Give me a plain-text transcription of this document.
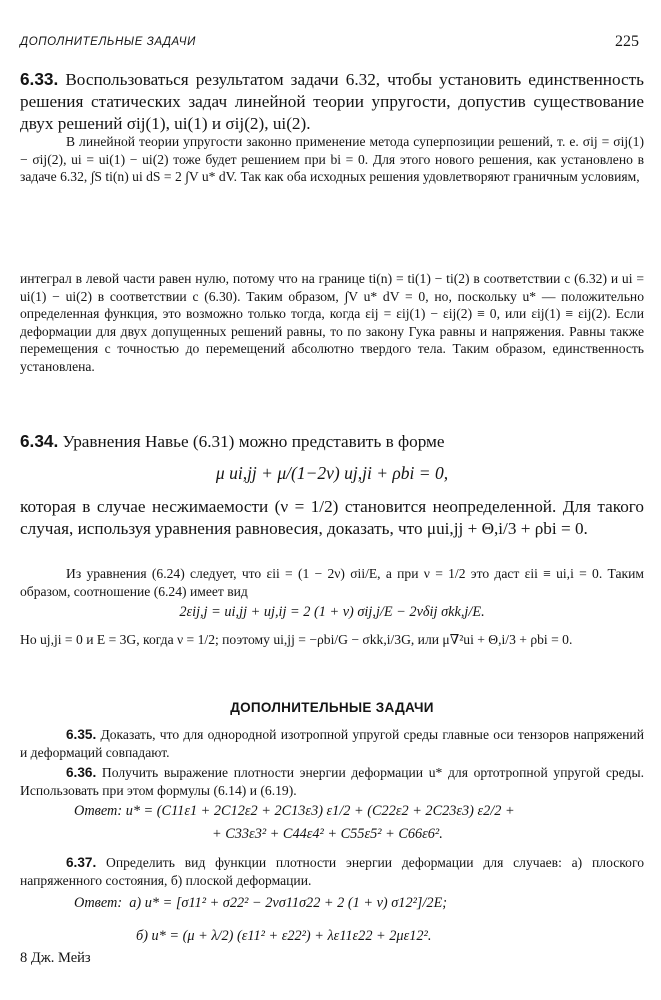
ДОПОЛНИТЕЛЬНЫЕ ЗАДАЧИ	225
6.33. Воспользоваться результатом задачи 6.32, чтобы установить единственность решения статических задач линейной теории упругости, допустив существование двух решений σij(1), ui(1) и σij(2), ui(2).
В линейной теории упругости законно применение метода суперпозиции решений, т. е. σij = σij(1) − σij(2), ui = ui(1) − ui(2) тоже будет решением при bi = 0. Для этого нового решения, как установлено в задаче 6.32, ∫S ti(n) ui dS = 2 ∫V u* dV. Так как оба исходных решения удовлетворяют граничным условиям,
интеграл в левой части равен нулю, потому что на границе ti(n) = ti(1) − ti(2) в соответствии с (6.32) и ui = ui(1) − ui(2) в соответствии с (6.30). Таким образом, ∫V u* dV = 0, но, поскольку u* — положительно определенная функция, это возможно только тогда, когда εij = εij(1) − εij(2) ≡ 0, или εij(1) ≡ εij(2). Если деформации для двух допущенных решений равны, то по закону Гука равны и напряжения. Равны также перемещения с точностью до перемещений абсолютно твердого тела. Таким образом, единственность установлена.
6.34. Уравнения Навье (6.31) можно представить в форме
μ ui,jj + μ/(1−2ν) uj,ji + ρbi = 0,
которая в случае несжимаемости (ν = 1/2) становится неопределенной. Для такого случая, используя уравнения равновесия, доказать, что μui,jj + Θ,i/3 + ρbi = 0.
Из уравнения (6.24) следует, что εii = (1 − 2ν) σii/E, а при ν = 1/2 это даст εii ≡ ui,i = 0. Таким образом, соотношение (6.24) имеет вид
2εij,j = ui,jj + uj,ij = 2 (1 + ν) σij,j/E − 2νδij σkk,j/E.
Но uj,ji = 0 и E = 3G, когда ν = 1/2; поэтому ui,jj = −ρbi/G − σkk,i/3G, или μ∇²ui + Θ,i/3 + ρbi = 0.
ДОПОЛНИТЕЛЬНЫЕ ЗАДАЧИ
6.35. Доказать, что для однородной изотропной упругой среды главные оси тензоров напряжений и деформаций совпадают.
6.36. Получить выражение плотности энергии деформации u* для ортотропной упругой среды. Использовать при этом формулы (6.14) и (6.19).
Ответ: u* = (C11ε1 + 2C12ε2 + 2C13ε3) ε1/2 + (C22ε2 + 2C23ε3) ε2/2 +
+ C33ε3² + C44ε4² + C55ε5² + C66ε6².
6.37. Определить вид функции плотности энергии деформации для случаев: а) плоского напряженного состояния, б) плоской деформации.
Ответ: а) u* = [σ11² + σ22² − 2νσ11σ22 + 2 (1 + ν) σ12²]/2E;
б) u* = (μ + λ/2) (ε11² + ε22²) + λε11ε22 + 2με12².
8 Дж. Мейз
